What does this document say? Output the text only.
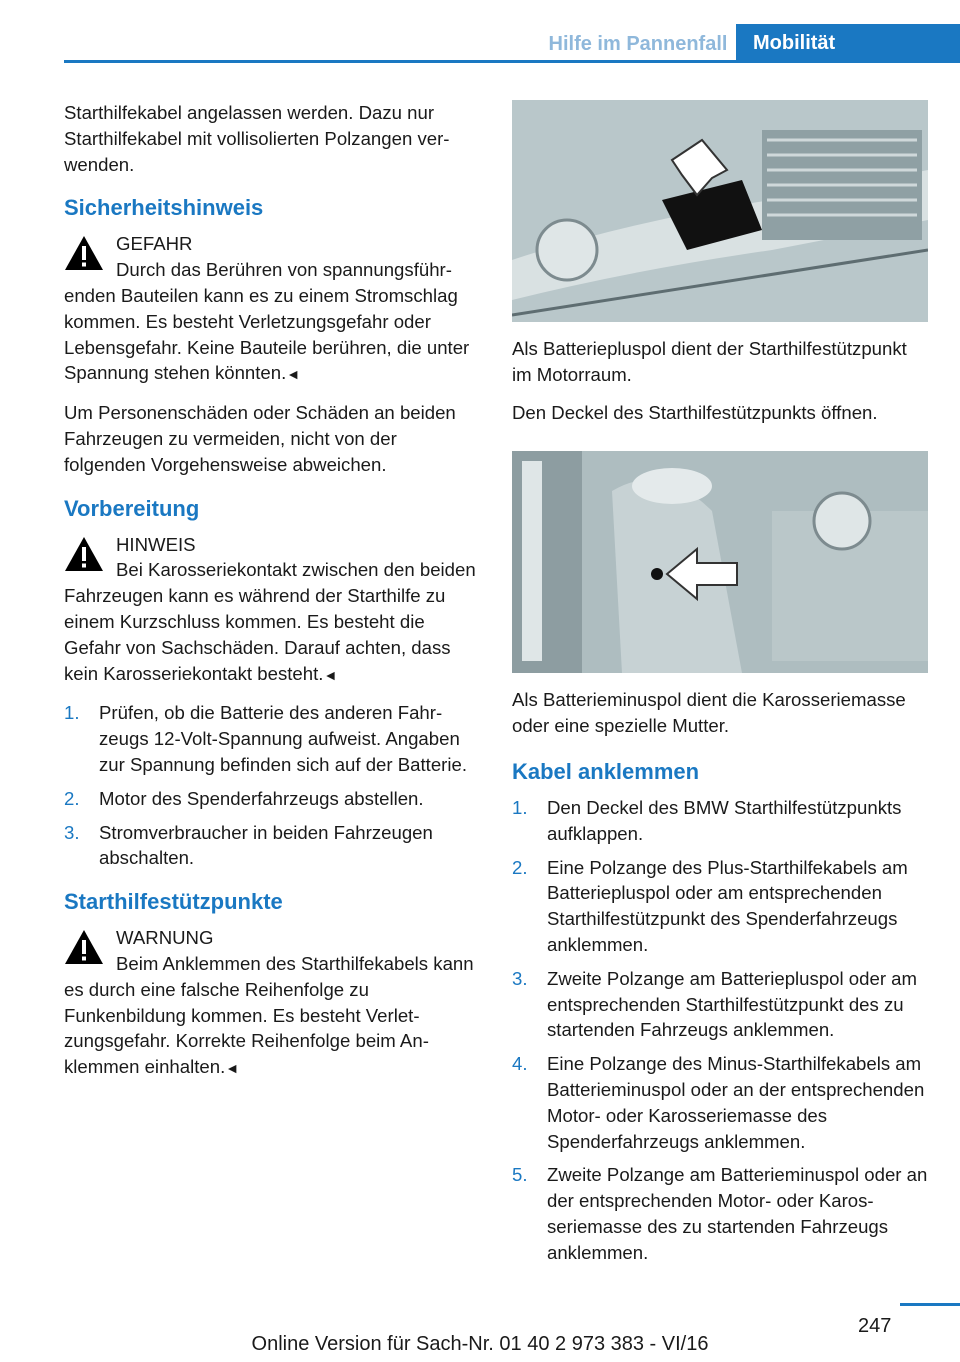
Hilfe im Pannenfall	Mobilität

Starthilfekabel angelassen werden. Dazu nur Starthilfekabel mit vollisolierten Polzangen verwenden.

Sicherheitshinweis
GEFAHR
Durch das Berühren von spannungsführenden Bauteilen kann es zu einem Stromschlag kommen. Es besteht Verletzungsgefahr oder Lebensgefahr. Keine Bauteile berühren, die unter Spannung stehen könnten.◄

Um Personenschäden oder Schäden an beiden Fahrzeugen zu vermeiden, nicht von der folgenden Vorgehensweise abweichen.

Vorbereitung
HINWEIS
Bei Karosseriekontakt zwischen den beiden Fahrzeugen kann es während der Starthilfe zu einem Kurzschluss kommen. Es besteht die Gefahr von Sachschäden. Darauf achten, dass kein Karosseriekontakt besteht.◄
1. Prüfen, ob die Batterie des anderen Fahrzeugs 12-Volt-Spannung aufweist. Angaben zur Spannung befinden sich auf der Batterie.
2. Motor des Spenderfahrzeugs abstellen.
3. Stromverbraucher in beiden Fahrzeugen abschalten.
Starthilfestützpunkte
WARNUNG
Beim Anklemmen des Starthilfekabels kann es durch eine falsche Reihenfolge zu Funkenbildung kommen. Es besteht Verletzungsgefahr. Korrekte Reihenfolge beim Anklemmen einhalten.◄

Als Batteriepluspol dient der Starthilfestützpunkt im Motorraum.

Den Deckel des Starthilfestützpunkts öffnen.

Als Batterieminuspol dient die Karosseriemasse oder eine spezielle Mutter.

Kabel anklemmen
1. Den Deckel des BMW Starthilfestützpunkts aufklappen.
2. Eine Polzange des Plus-Starthilfekabels am Batteriepluspol oder am entsprechenden Starthilfestützpunkt des Spenderfahrzeugs anklemmen.
3. Zweite Polzange am Batteriepluspol oder am entsprechenden Starthilfestützpunkt des zu startenden Fahrzeugs anklemmen.
4. Eine Polzange des Minus-Starthilfekabels am Batterieminuspol oder an der entsprechenden Motor- oder Karosseriemasse des Spenderfahrzeugs anklemmen.
5. Zweite Polzange am Batterieminuspol oder an der entsprechenden Motor- oder Karosseriemasse des zu startenden Fahrzeugs anklemmen.
247
Online Version für Sach-Nr. 01 40 2 973 383 - VI/16
